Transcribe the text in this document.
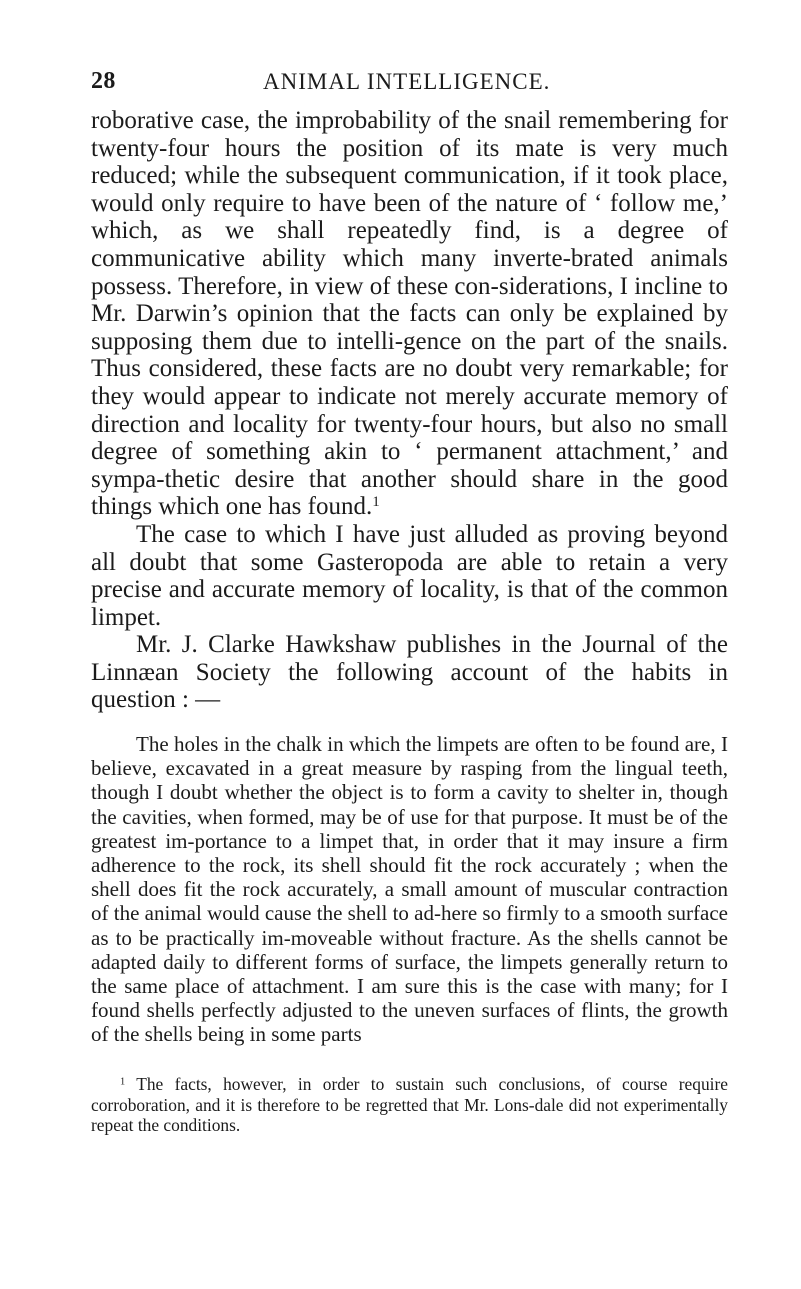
28	ANIMAL INTELLIGENCE.

roborative case, the improbability of the snail remembering for twenty-four hours the position of its mate is very much reduced; while the subsequent communication, if it took place, would only require to have been of the nature of ‘ follow me,’ which, as we shall repeatedly find, is a degree of communicative ability which many inverte-brated animals possess. Therefore, in view of these con-siderations, I incline to Mr. Darwin’s opinion that the facts can only be explained by supposing them due to intelli-gence on the part of the snails. Thus considered, these facts are no doubt very remarkable; for they would appear to indicate not merely accurate memory of direction and locality for twenty-four hours, but also no small degree of something akin to ‘ permanent attachment,’ and sympa-thetic desire that another should share in the good things which one has found.$^1$

The case to which I have just alluded as proving beyond all doubt that some Gasteropoda are able to retain a very precise and accurate memory of locality, is that of the common limpet.

Mr. J. Clarke Hawkshaw publishes in the Journal of the Linnæan Society the following account of the habits in question : —

The holes in the chalk in which the limpets are often to be found are, I believe, excavated in a great measure by rasping from the lingual teeth, though I doubt whether the object is to form a cavity to shelter in, though the cavities, when formed, may be of use for that purpose. It must be of the greatest im-portance to a limpet that, in order that it may insure a firm adherence to the rock, its shell should fit the rock accurately ; when the shell does fit the rock accurately, a small amount of muscular contraction of the animal would cause the shell to ad-here so firmly to a smooth surface as to be practically im-moveable without fracture. As the shells cannot be adapted daily to different forms of surface, the limpets generally return to the same place of attachment. I am sure this is the case with many; for I found shells perfectly adjusted to the uneven surfaces of flints, the growth of the shells being in some parts

$^1$ The facts, however, in order to sustain such conclusions, of course require corroboration, and it is therefore to be regretted that Mr. Lons-dale did not experimentally repeat the conditions.
